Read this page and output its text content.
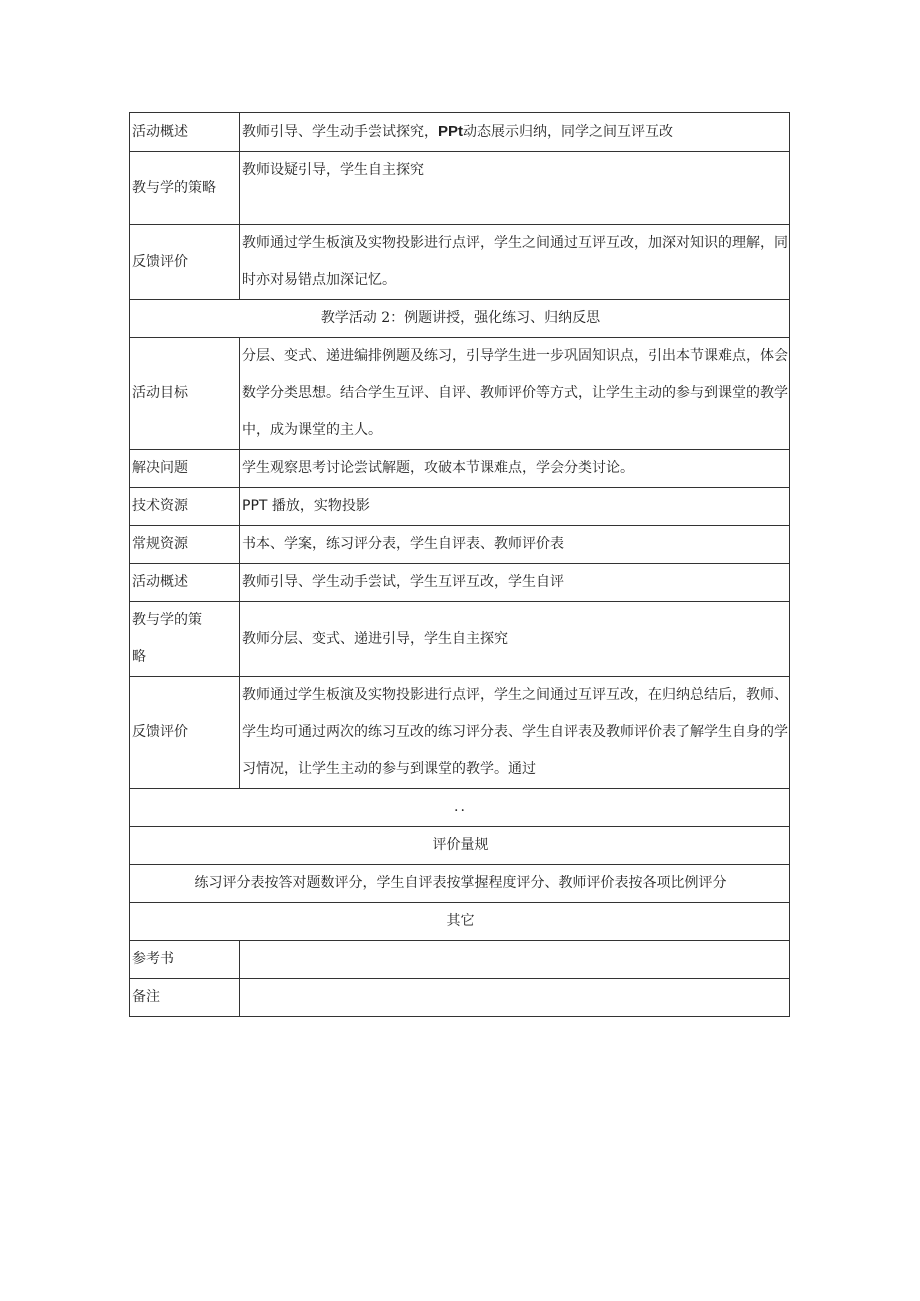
活动概述	教师引导、学生动手尝试探究，PPt动态展示归纳，同学之间互评互改
教与学的策略	教师设疑引导，学生自主探究
反馈评价	教师通过学生板演及实物投影进行点评，学生之间通过互评互改，加深对知识的理解，同时亦对易错点加深记忆。
教学活动 2：例题讲授，强化练习、归纳反思	
活动目标	分层、变式、递进编排例题及练习，引导学生进一步巩固知识点，引出本节课难点，体会数学分类思想。结合学生互评、自评、教师评价等方式，让学生主动的参与到课堂的教学中，成为课堂的主人。
解决问题	学生观察思考讨论尝试解题，攻破本节课难点，学会分类讨论。
技术资源	PPT 播放，实物投影
常规资源	书本、学案，练习评分表，学生自评表、教师评价表
活动概述	教师引导、学生动手尝试，学生互评互改，学生自评
教与学的策略	教师分层、变式、递进引导，学生自主探究
反馈评价	教师通过学生板演及实物投影进行点评，学生之间通过互评互改，在归纳总结后，教师、学生均可通过两次的练习互改的练习评分表、学生自评表及教师评价表了解学生自身的学习情况，让学生主动的参与到课堂的教学。通过
..	
评价量规	
练习评分表按答对题数评分，学生自评表按掌握程度评分、教师评价表按各项比例评分	
其它	
参考书	
备注	
